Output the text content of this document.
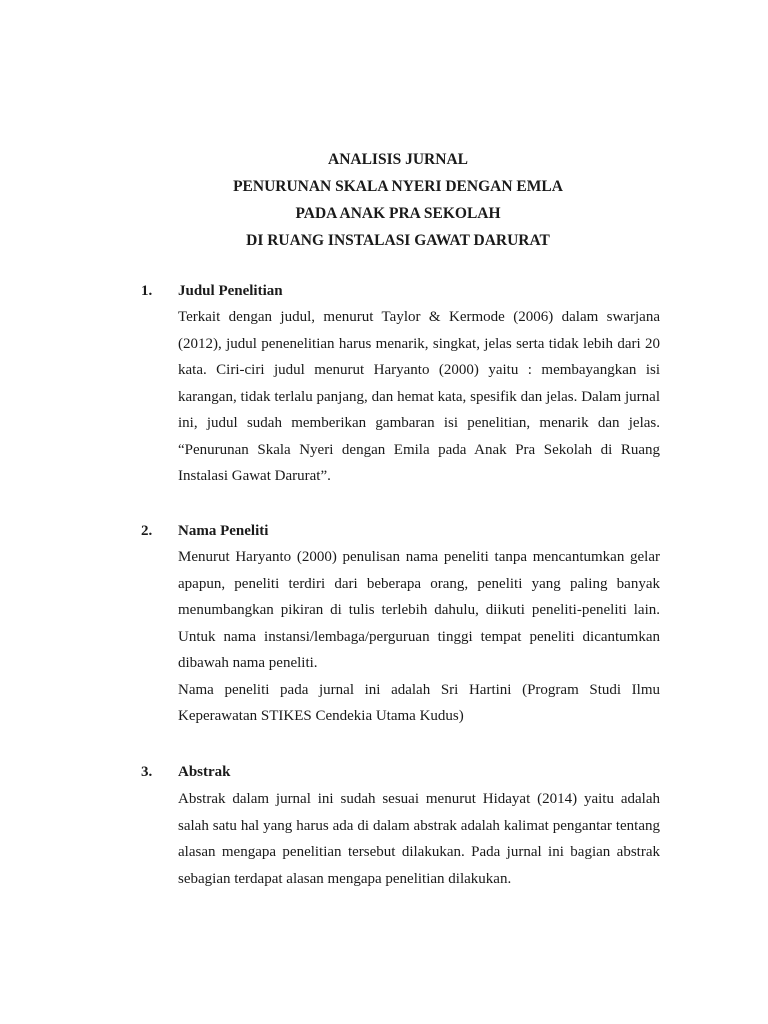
ANALISIS JURNAL
PENURUNAN SKALA NYERI DENGAN EMLA
PADA ANAK PRA SEKOLAH
DI RUANG INSTALASI GAWAT DARURAT
1. Judul Penelitian

Terkait dengan judul, menurut Taylor & Kermode (2006) dalam swarjana (2012), judul penenelitian harus menarik, singkat, jelas serta tidak lebih dari 20 kata. Ciri-ciri judul menurut Haryanto (2000) yaitu : membayangkan isi karangan, tidak terlalu panjang, dan hemat kata, spesifik dan jelas. Dalam jurnal ini, judul sudah memberikan gambaran isi penelitian, menarik dan jelas. “Penurunan Skala Nyeri dengan Emila pada Anak Pra Sekolah di Ruang Instalasi Gawat Darurat”.

2. Nama Peneliti

Menurut Haryanto (2000) penulisan nama peneliti tanpa mencantumkan gelar apapun, peneliti terdiri dari beberapa orang, peneliti yang paling banyak menumbangkan pikiran di tulis terlebih dahulu, diikuti peneliti-peneliti lain. Untuk nama instansi/lembaga/perguruan tinggi tempat peneliti dicantumkan dibawah nama peneliti.

Nama peneliti pada jurnal ini adalah Sri Hartini (Program Studi Ilmu Keperawatan STIKES Cendekia Utama Kudus)

3. Abstrak

Abstrak dalam jurnal ini sudah sesuai menurut Hidayat (2014) yaitu adalah salah satu hal yang harus ada di dalam abstrak adalah kalimat pengantar tentang alasan mengapa penelitian tersebut dilakukan. Pada jurnal ini bagian abstrak sebagian terdapat alasan mengapa penelitian dilakukan.
